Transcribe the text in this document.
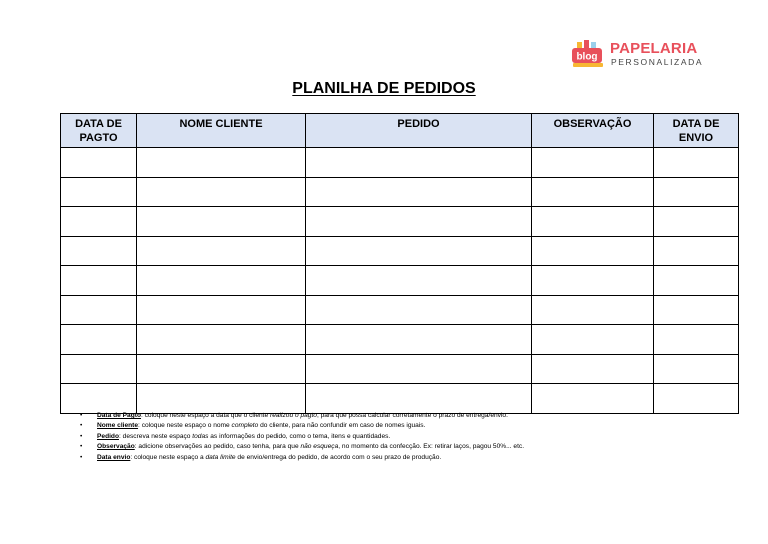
blog PAPELARIA
PERSONALIZADA
PLANILHA DE PEDIDOS
DATA DE PAGTO	NOME CLIENTE	PEDIDO	OBSERVAÇÃO	DATA DE ENVIO

• Data de Pagto: coloque neste espaço a data que o cliente realizou o pagto, para que possa calcular corretamente o prazo de entrega/envio.
• Nome cliente: coloque neste espaço o nome completo do cliente, para não confundir em caso de nomes iguais.
• Pedido: descreva neste espaço todas as informações do pedido, como o tema, itens e quantidades.
• Observação: adicione observações ao pedido, caso tenha, para que não esqueça, no momento da confecção. Ex: retirar laços, pagou 50%... etc.
• Data envio: coloque neste espaço a data limite de envio/entrega do pedido, de acordo com o seu prazo de produção.
